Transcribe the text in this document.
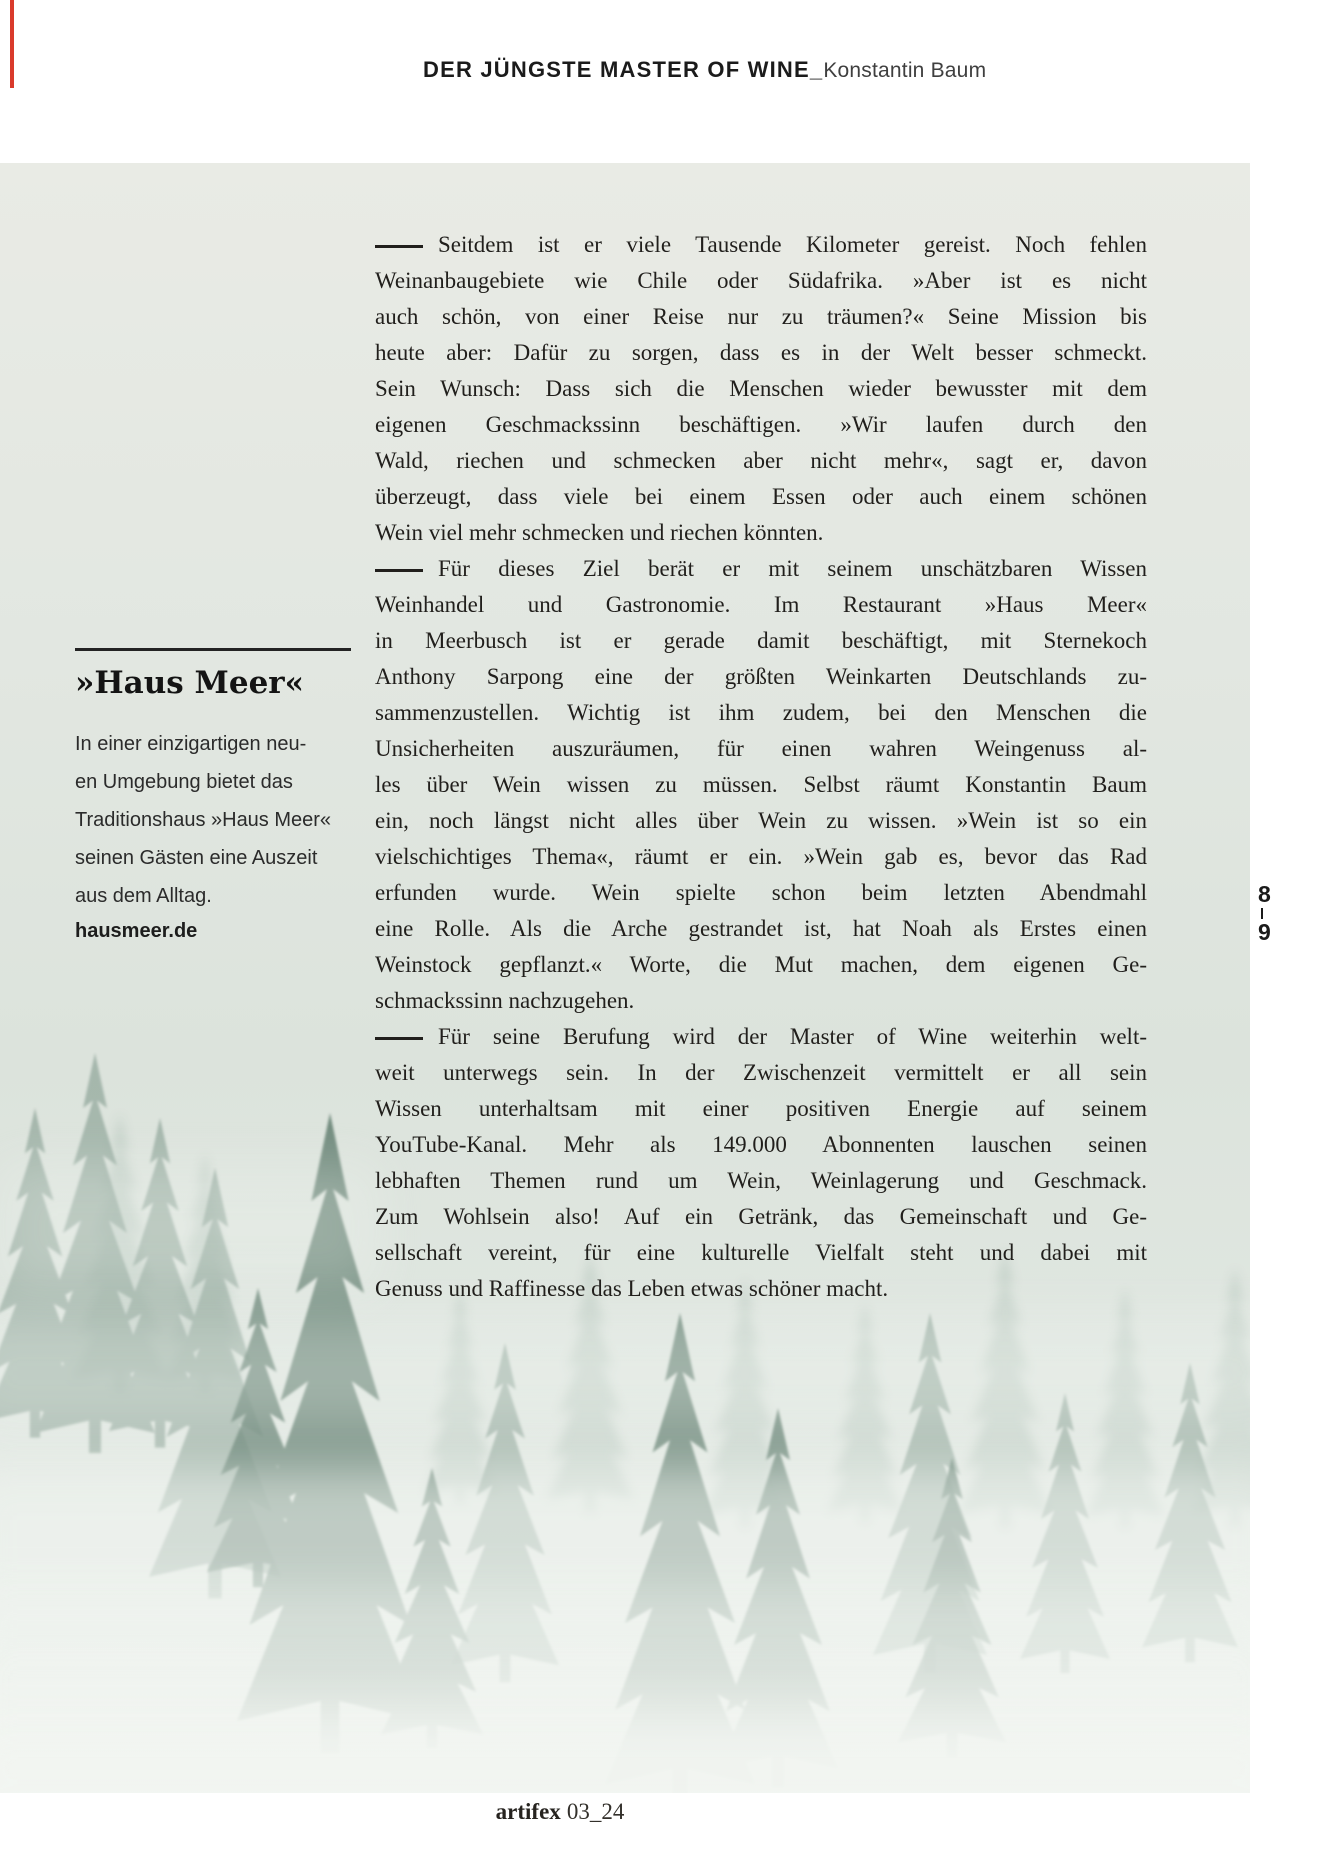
DER JÜNGSTE MASTER OF WINE_Konstantin Baum
»Haus Meer«
In einer einzigartigen neu-
en Umgebung bietet das
Traditionshaus »Haus Meer«
seinen Gästen eine Auszeit
aus dem Alltag.
hausmeer.de
Seitdem ist er viele Tausende Kilometer gereist. Noch fehlen
Weinanbaugebiete wie Chile oder Südafrika. »Aber ist es nicht
auch schön, von einer Reise nur zu träumen?« Seine Mission bis
heute aber: Dafür zu sorgen, dass es in der Welt besser schmeckt.
Sein Wunsch: Dass sich die Menschen wieder bewusster mit dem
eigenen Geschmackssinn beschäftigen. »Wir laufen durch den
Wald, riechen und schmecken aber nicht mehr«, sagt er, davon
überzeugt, dass viele bei einem Essen oder auch einem schönen
Wein viel mehr schmecken und riechen könnten.
Für dieses Ziel berät er mit seinem unschätzbaren Wissen
Weinhandel und Gastronomie. Im Restaurant »Haus Meer«
in Meerbusch ist er gerade damit beschäftigt, mit Sternekoch
Anthony Sarpong eine der größten Weinkarten Deutschlands zu-
sammenzustellen. Wichtig ist ihm zudem, bei den Menschen die
Unsicherheiten auszuräumen, für einen wahren Weingenuss al-
les über Wein wissen zu müssen. Selbst räumt Konstantin Baum
ein, noch längst nicht alles über Wein zu wissen. »Wein ist so ein
vielschichtiges Thema«, räumt er ein. »Wein gab es, bevor das Rad
erfunden wurde. Wein spielte schon beim letzten Abendmahl
eine Rolle. Als die Arche gestrandet ist, hat Noah als Erstes einen
Weinstock gepflanzt.« Worte, die Mut machen, dem eigenen Ge-
schmackssinn nachzugehen.
Für seine Berufung wird der Master of Wine weiterhin welt-
weit unterwegs sein. In der Zwischenzeit vermittelt er all sein
Wissen unterhaltsam mit einer positiven Energie auf seinem
YouTube-Kanal. Mehr als 149.000 Abonnenten lauschen seinen
lebhaften Themen rund um Wein, Weinlagerung und Geschmack.
Zum Wohlsein also! Auf ein Getränk, das Gemeinschaft und Ge-
sellschaft vereint, für eine kulturelle Vielfalt steht und dabei mit
Genuss und Raffinesse das Leben etwas schöner macht.
8
9
artifex 03_24
